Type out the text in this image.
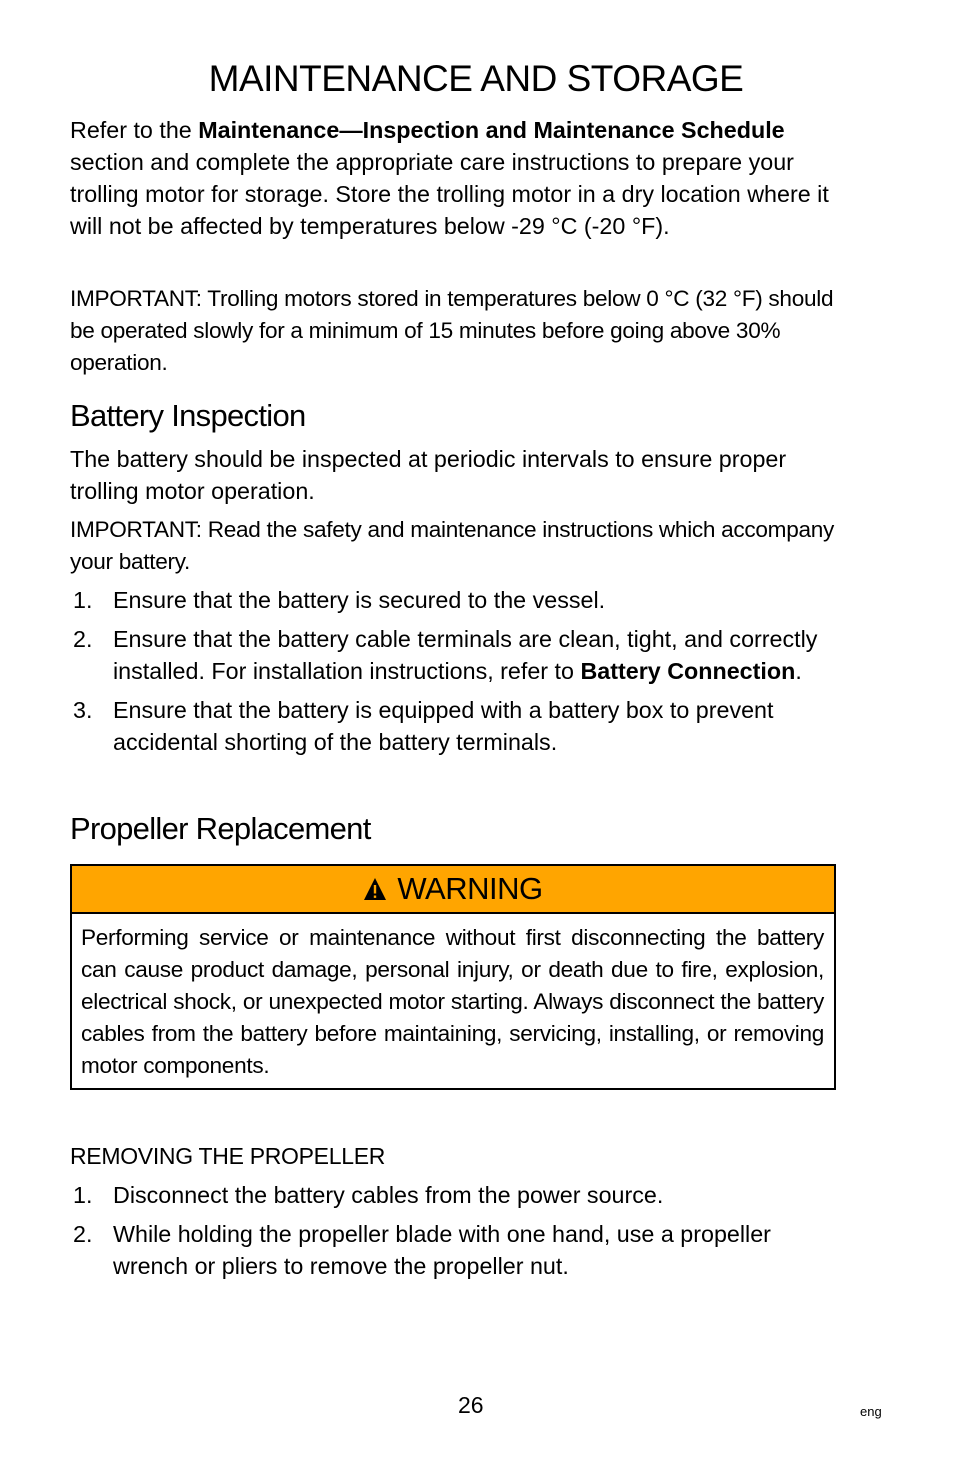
MAINTENANCE AND STORAGE

Refer to the Maintenance—Inspection and Maintenance Schedule section and complete the appropriate care instructions to prepare your trolling motor for storage. Store the trolling motor in a dry location where it will not be affected by temperatures below -29 °C (-20 °F).

IMPORTANT: Trolling motors stored in temperatures below 0 °C (32 °F) should be operated slowly for a minimum of 15 minutes before going above 30% operation.

Battery Inspection

The battery should be inspected at periodic intervals to ensure proper trolling motor operation.

IMPORTANT: Read the safety and maintenance instructions which accompany your battery.

1. Ensure that the battery is secured to the vessel.
2. Ensure that the battery cable terminals are clean, tight, and correctly installed. For installation instructions, refer to Battery Connection.
3. Ensure that the battery is equipped with a battery box to prevent accidental shorting of the battery terminals.
Propeller Replacement
WARNING
Performing service or maintenance without first disconnecting the battery can cause product damage, personal injury, or death due to fire, explosion, electrical shock, or unexpected motor starting. Always disconnect the battery cables from the battery before maintaining, servicing, installing, or removing motor components.
REMOVING THE PROPELLER
1. Disconnect the battery cables from the power source.
2. While holding the propeller blade with one hand, use a propeller wrench or pliers to remove the propeller nut.
26	eng
